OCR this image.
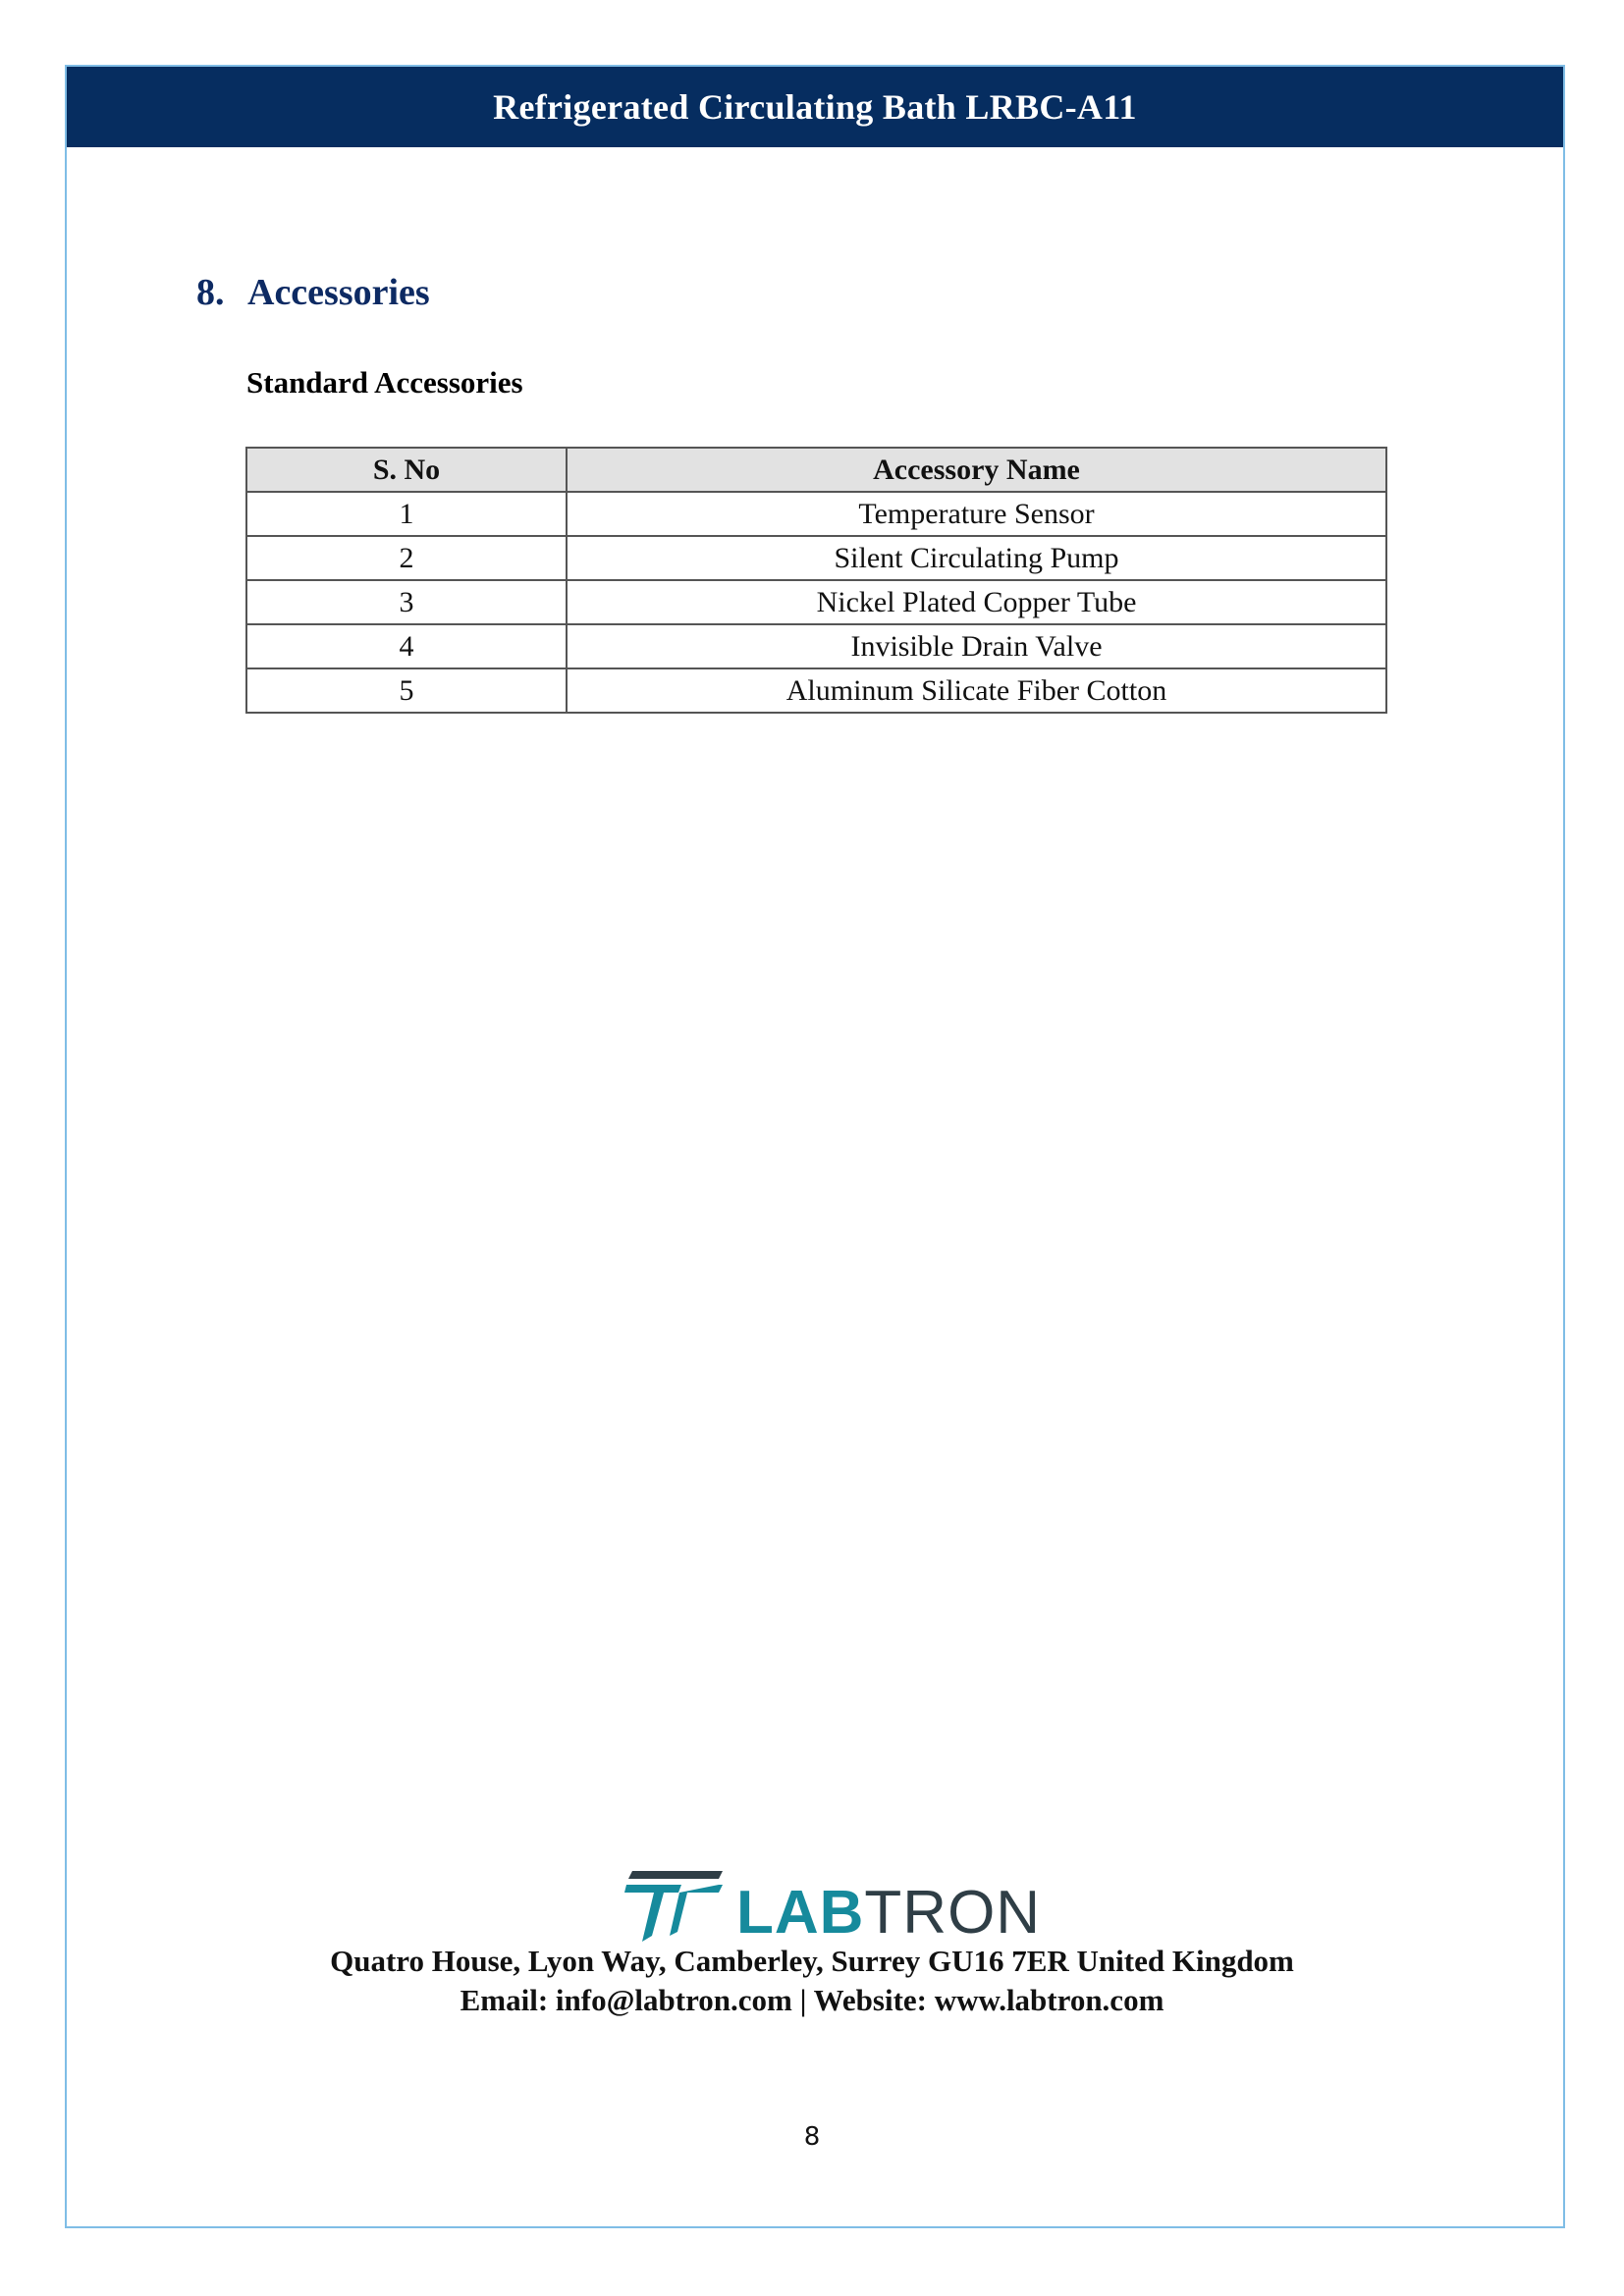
Refrigerated Circulating Bath LRBC-A11
8. Accessories
Standard Accessories
S. No	Accessory Name
1	Temperature Sensor
2	Silent Circulating Pump
3	Nickel Plated Copper Tube
4	Invisible Drain Valve
5	Aluminum Silicate Fiber Cotton
LABTRON
Quatro House, Lyon Way, Camberley, Surrey GU16 7ER United Kingdom
Email: info@labtron.com | Website: www.labtron.com
8
